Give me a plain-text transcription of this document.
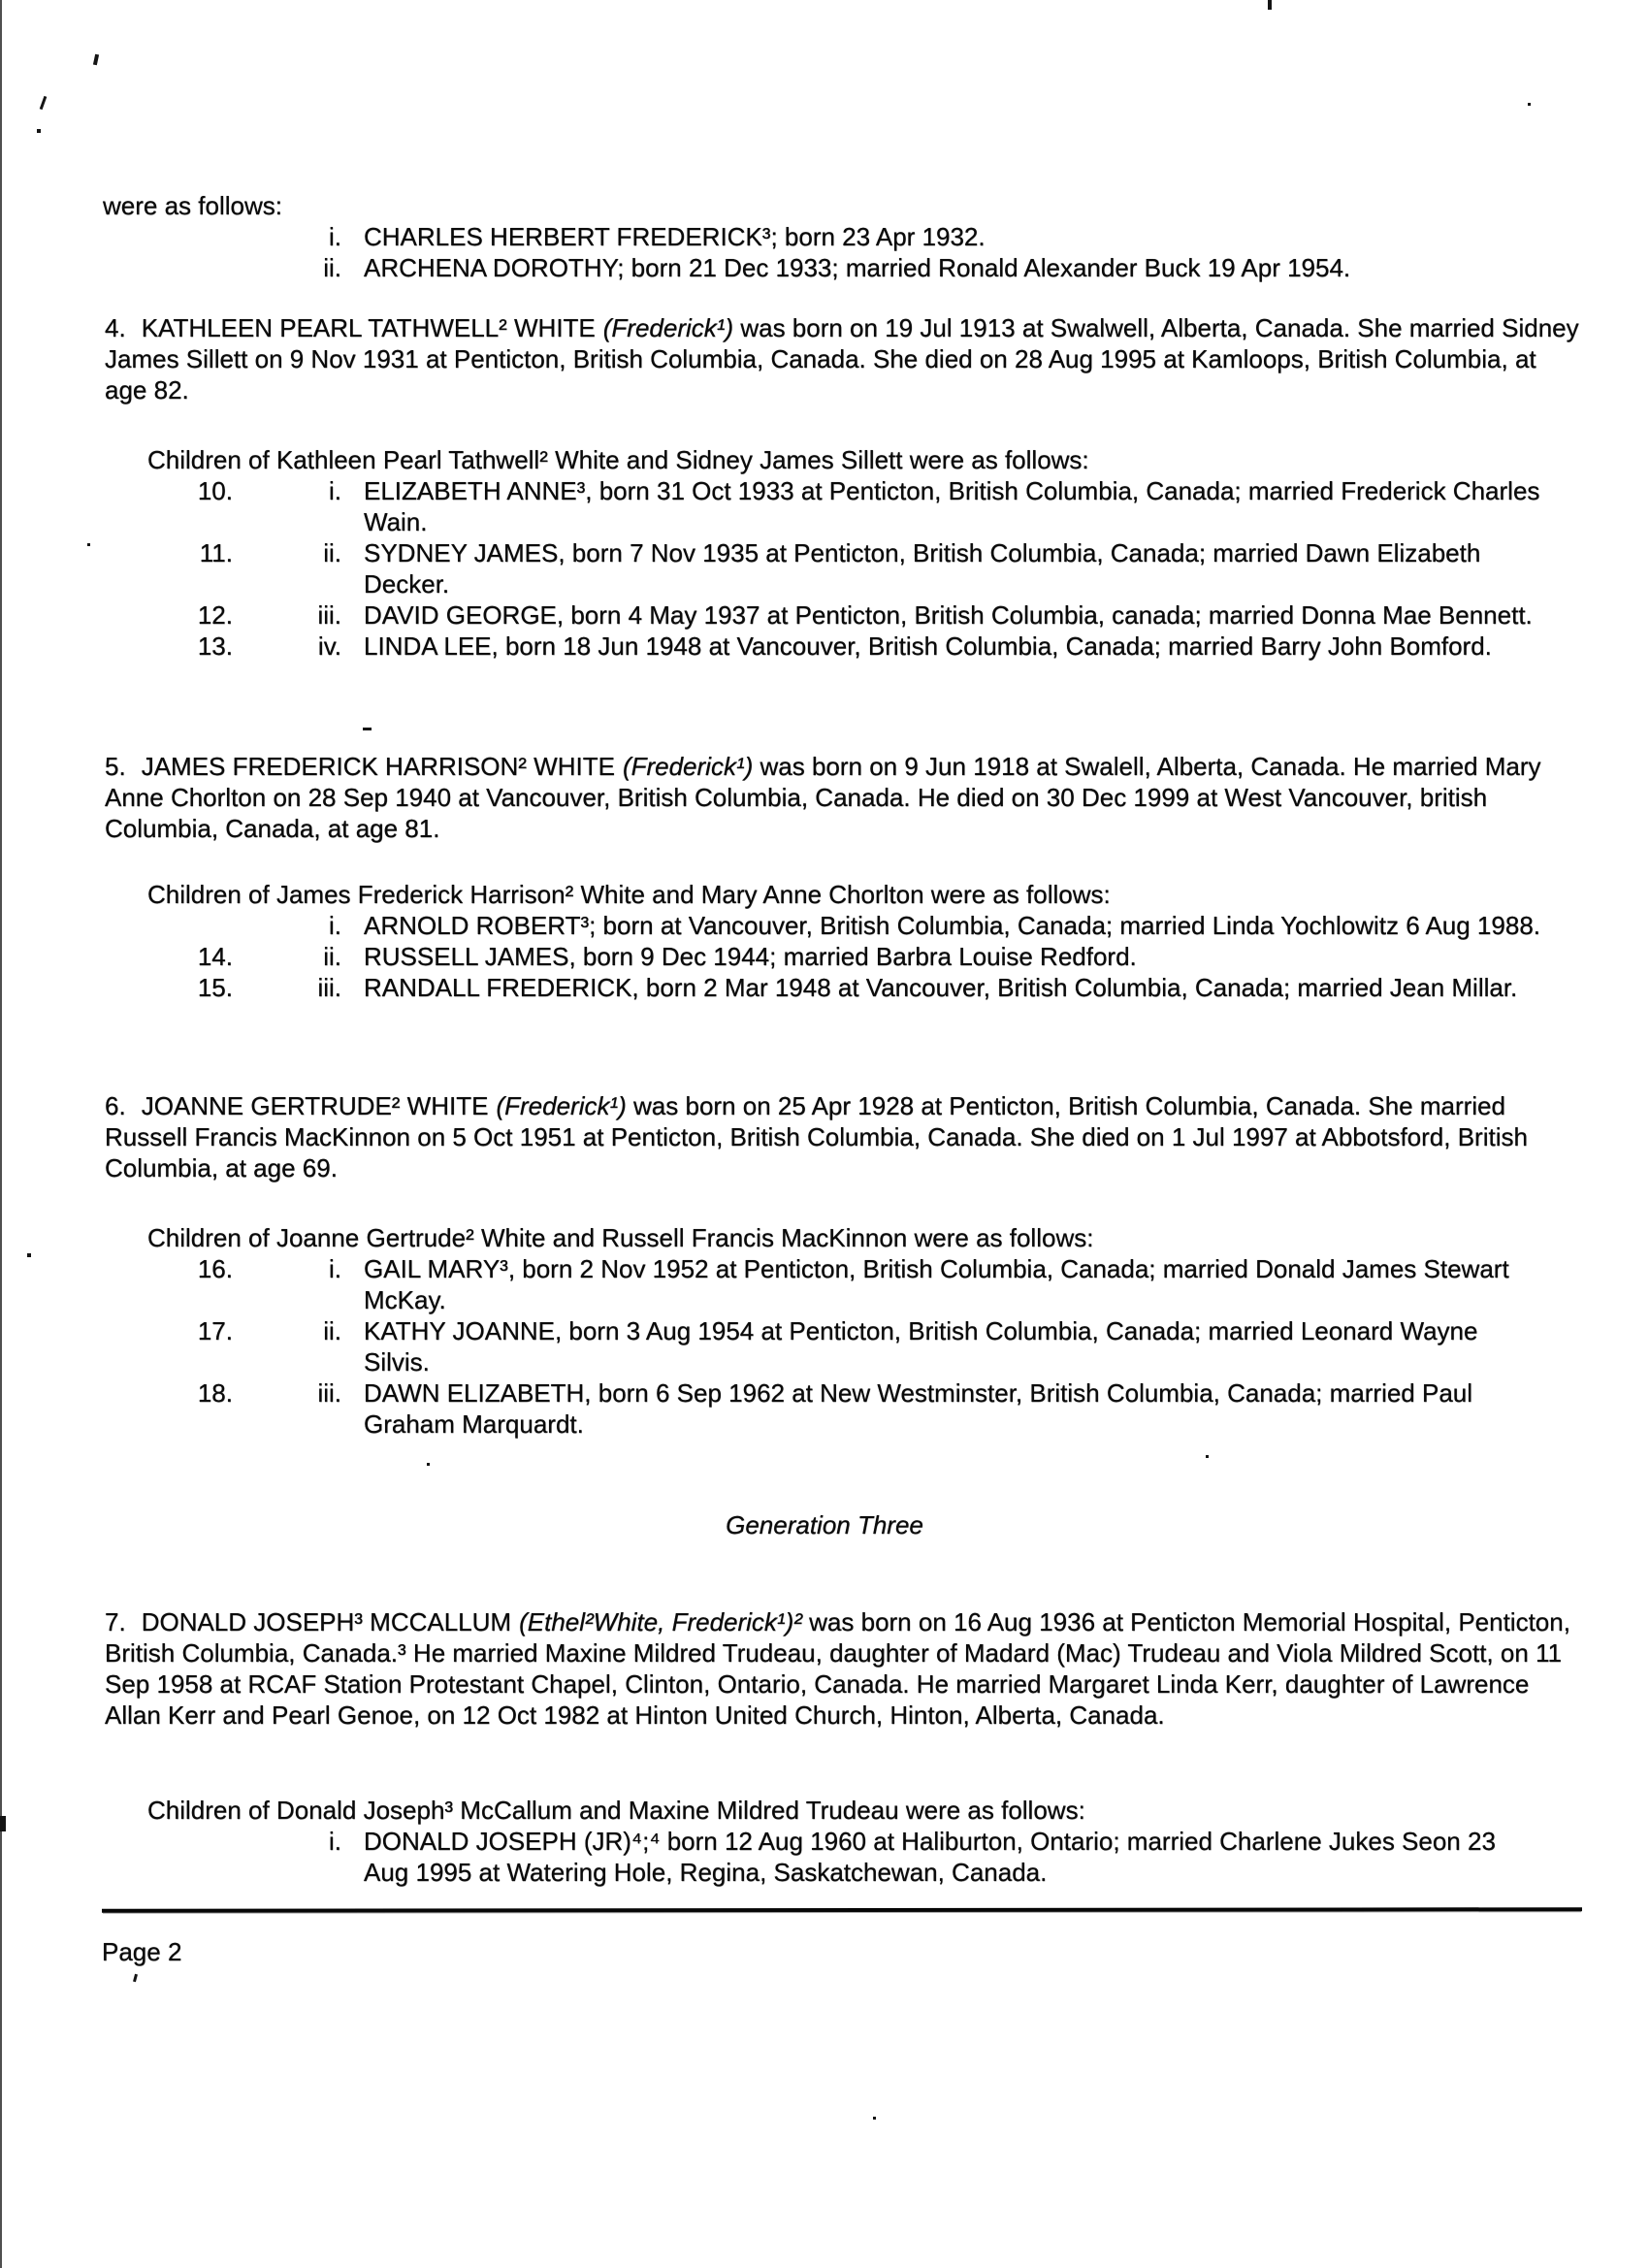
were as follows:
i. CHARLES HERBERT FREDERICK³; born 23 Apr 1932.
ii. ARCHENA DOROTHY; born 21 Dec 1933; married Ronald Alexander Buck 19 Apr 1954.
4. KATHLEEN PEARL TATHWELL² WHITE (Frederick¹) was born on 19 Jul 1913 at Swalwell, Alberta, Canada. She married Sidney James Sillett on 9 Nov 1931 at Penticton, British Columbia, Canada. She died on 28 Aug 1995 at Kamloops, British Columbia, at age 82.
Children of Kathleen Pearl Tathwell² White and Sidney James Sillett were as follows:
10.	i. ELIZABETH ANNE³, born 31 Oct 1933 at Penticton, British Columbia, Canada; married Frederick Charles Wain.
11.	ii. SYDNEY JAMES, born 7 Nov 1935 at Penticton, British Columbia, Canada; married Dawn Elizabeth Decker.
12.	iii. DAVID GEORGE, born 4 May 1937 at Penticton, British Columbia, canada; married Donna Mae Bennett.
13.	iv. LINDA LEE, born 18 Jun 1948 at Vancouver, British Columbia, Canada; married Barry John Bomford.
5. JAMES FREDERICK HARRISON² WHITE (Frederick¹) was born on 9 Jun 1918 at Swalell, Alberta, Canada. He married Mary Anne Chorlton on 28 Sep 1940 at Vancouver, British Columbia, Canada. He died on 30 Dec 1999 at West Vancouver, british Columbia, Canada, at age 81.
Children of James Frederick Harrison² White and Mary Anne Chorlton were as follows:
i. ARNOLD ROBERT³; born at Vancouver, British Columbia, Canada; married Linda Yochlowitz 6 Aug 1988.
14.	ii. RUSSELL JAMES, born 9 Dec 1944; married Barbra Louise Redford.
15.	iii. RANDALL FREDERICK, born 2 Mar 1948 at Vancouver, British Columbia, Canada; married Jean Millar.
6. JOANNE GERTRUDE² WHITE (Frederick¹) was born on 25 Apr 1928 at Penticton, British Columbia, Canada. She married Russell Francis MacKinnon on 5 Oct 1951 at Penticton, British Columbia, Canada. She died on 1 Jul 1997 at Abbotsford, British Columbia, at age 69.
Children of Joanne Gertrude² White and Russell Francis MacKinnon were as follows:
16.	i. GAIL MARY³, born 2 Nov 1952 at Penticton, British Columbia, Canada; married Donald James Stewart McKay.
17.	ii. KATHY JOANNE, born 3 Aug 1954 at Penticton, British Columbia, Canada; married Leonard Wayne Silvis.
18.	iii. DAWN ELIZABETH, born 6 Sep 1962 at New Westminster, British Columbia, Canada; married Paul Graham Marquardt.
Generation Three
7. DONALD JOSEPH³ MCCALLUM (Ethel²White, Frederick¹)² was born on 16 Aug 1936 at Penticton Memorial Hospital, Penticton, British Columbia, Canada.³ He married Maxine Mildred Trudeau, daughter of Madard (Mac) Trudeau and Viola Mildred Scott, on 11 Sep 1958 at RCAF Station Protestant Chapel, Clinton, Ontario, Canada. He married Margaret Linda Kerr, daughter of Lawrence Allan Kerr and Pearl Genoe, on 12 Oct 1982 at Hinton United Church, Hinton, Alberta, Canada.
Children of Donald Joseph³ McCallum and Maxine Mildred Trudeau were as follows:
i. DONALD JOSEPH (JR)⁴;⁴ born 12 Aug 1960 at Haliburton, Ontario; married Charlene Jukes Seon 23 Aug 1995 at Watering Hole, Regina, Saskatchewan, Canada.
Page 2
